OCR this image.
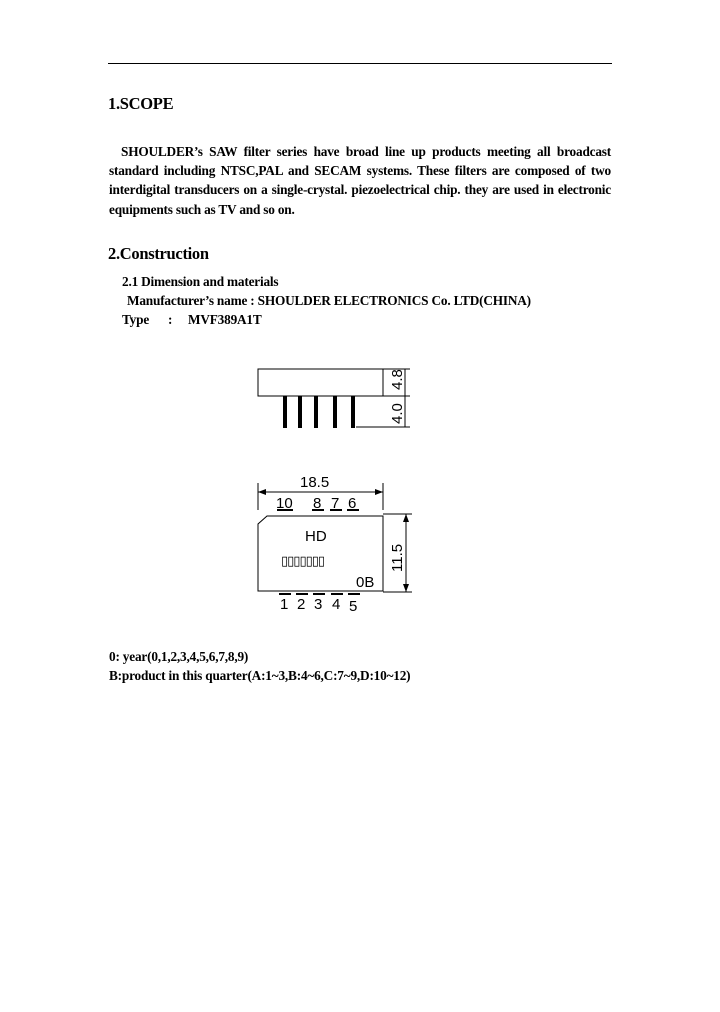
1.SCOPE
SHOULDER’s SAW filter series have broad line up products meeting all broadcast standard including NTSC,PAL and SECAM systems. These filters are composed of two interdigital transducers on a single-crystal. piezoelectrical chip. they are used in electronic equipments such as TV and so on.
2.Construction
2.1 Dimension and materials
Manufacturer’s name : SHOULDER ELECTRONICS Co. LTD(CHINA)
Type : MVF389A1T
4.8
4.0
18.5
10 8 7 6
HD
▯▯▯▯▯▯▯
0B
11.5
1 2 3 4 5
0: year(0,1,2,3,4,5,6,7,8,9)
B:product in this quarter(A:1~3,B:4~6,C:7~9,D:10~12)
